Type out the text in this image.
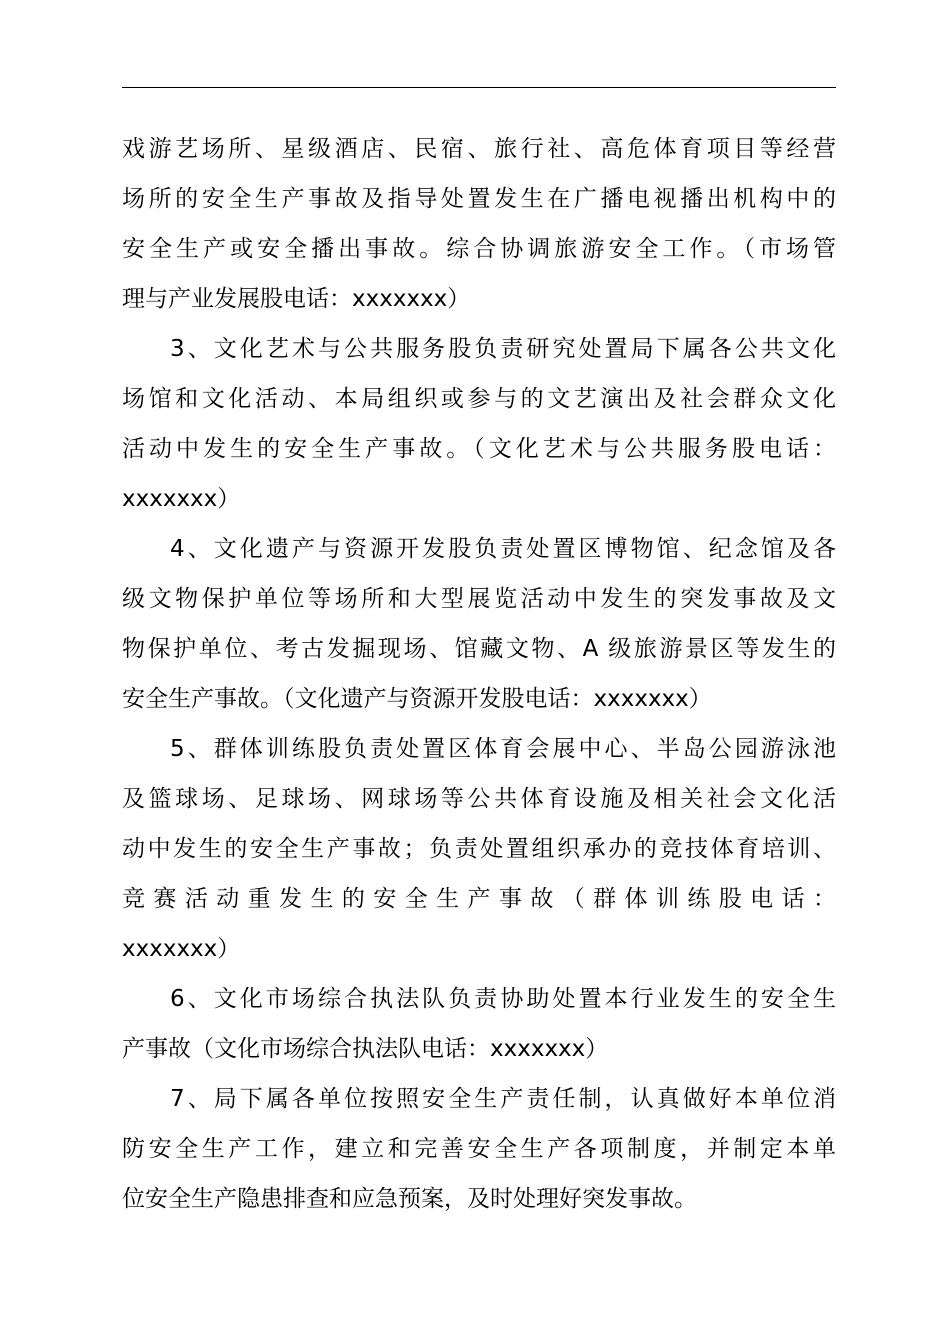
戏游艺场所、星级酒店、民宿、旅行社、高危体育项目等经营
场所的安全生产事故及指导处置发生在广播电视播出机构中的
安全生产或安全播出事故。综合协调旅游安全工作。（市场管
理与产业发展股电话：xxxxxxx）
3、文化艺术与公共服务股负责研究处置局下属各公共文化
场馆和文化活动、本局组织或参与的文艺演出及社会群众文化
活动中发生的安全生产事故。（文化艺术与公共服务股电话：
xxxxxxx）
4、文化遗产与资源开发股负责处置区博物馆、纪念馆及各
级文物保护单位等场所和大型展览活动中发生的突发事故及文
物保护单位、考古发掘现场、馆藏文物、A 级旅游景区等发生的
安全生产事故。（文化遗产与资源开发股电话：xxxxxxx）
5、群体训练股负责处置区体育会展中心、半岛公园游泳池
及篮球场、足球场、网球场等公共体育设施及相关社会文化活
动中发生的安全生产事故；负责处置组织承办的竞技体育培训、
竞赛活动重发生的安全生产事故（群体训练股电话：
xxxxxxx）
6、文化市场综合执法队负责协助处置本行业发生的安全生
产事故（文化市场综合执法队电话：xxxxxxx）
7、局下属各单位按照安全生产责任制，认真做好本单位消
防安全生产工作，建立和完善安全生产各项制度，并制定本单
位安全生产隐患排查和应急预案，及时处理好突发事故。
